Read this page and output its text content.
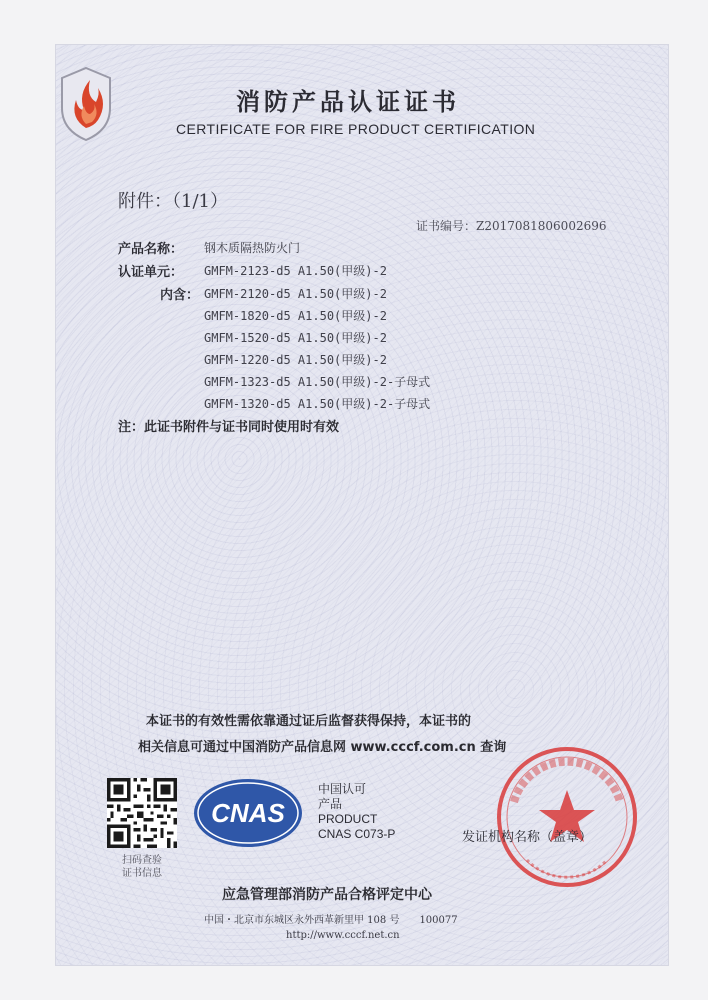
消防产品认证证书
CERTIFICATE FOR FIRE PRODUCT CERTIFICATION
附件：（1/1）
证书编号：Z2017081806002696
产品名称： 钢木质隔热防火门
认证单元： GMFM-2123-d5 A1.50(甲级)-2
内含： GMFM-2120-d5 A1.50(甲级)-2
GMFM-1820-d5 A1.50(甲级)-2
GMFM-1520-d5 A1.50(甲级)-2
GMFM-1220-d5 A1.50(甲级)-2
GMFM-1323-d5 A1.50(甲级)-2-子母式
GMFM-1320-d5 A1.50(甲级)-2-子母式
注：此证书附件与证书同时使用时有效
本证书的有效性需依靠通过证后监督获得保持，本证书的
相关信息可通过中国消防产品信息网 www.cccf.com.cn 查询
扫码查验
证书信息
CNAS
中国认可
产品
PRODUCT
CNAS C073-P	发证机构名称（盖章）
应急管理部消防产品合格评定中心
中国・北京市东城区永外西革新里甲 108 号　　100077
http://www.cccf.net.cn
